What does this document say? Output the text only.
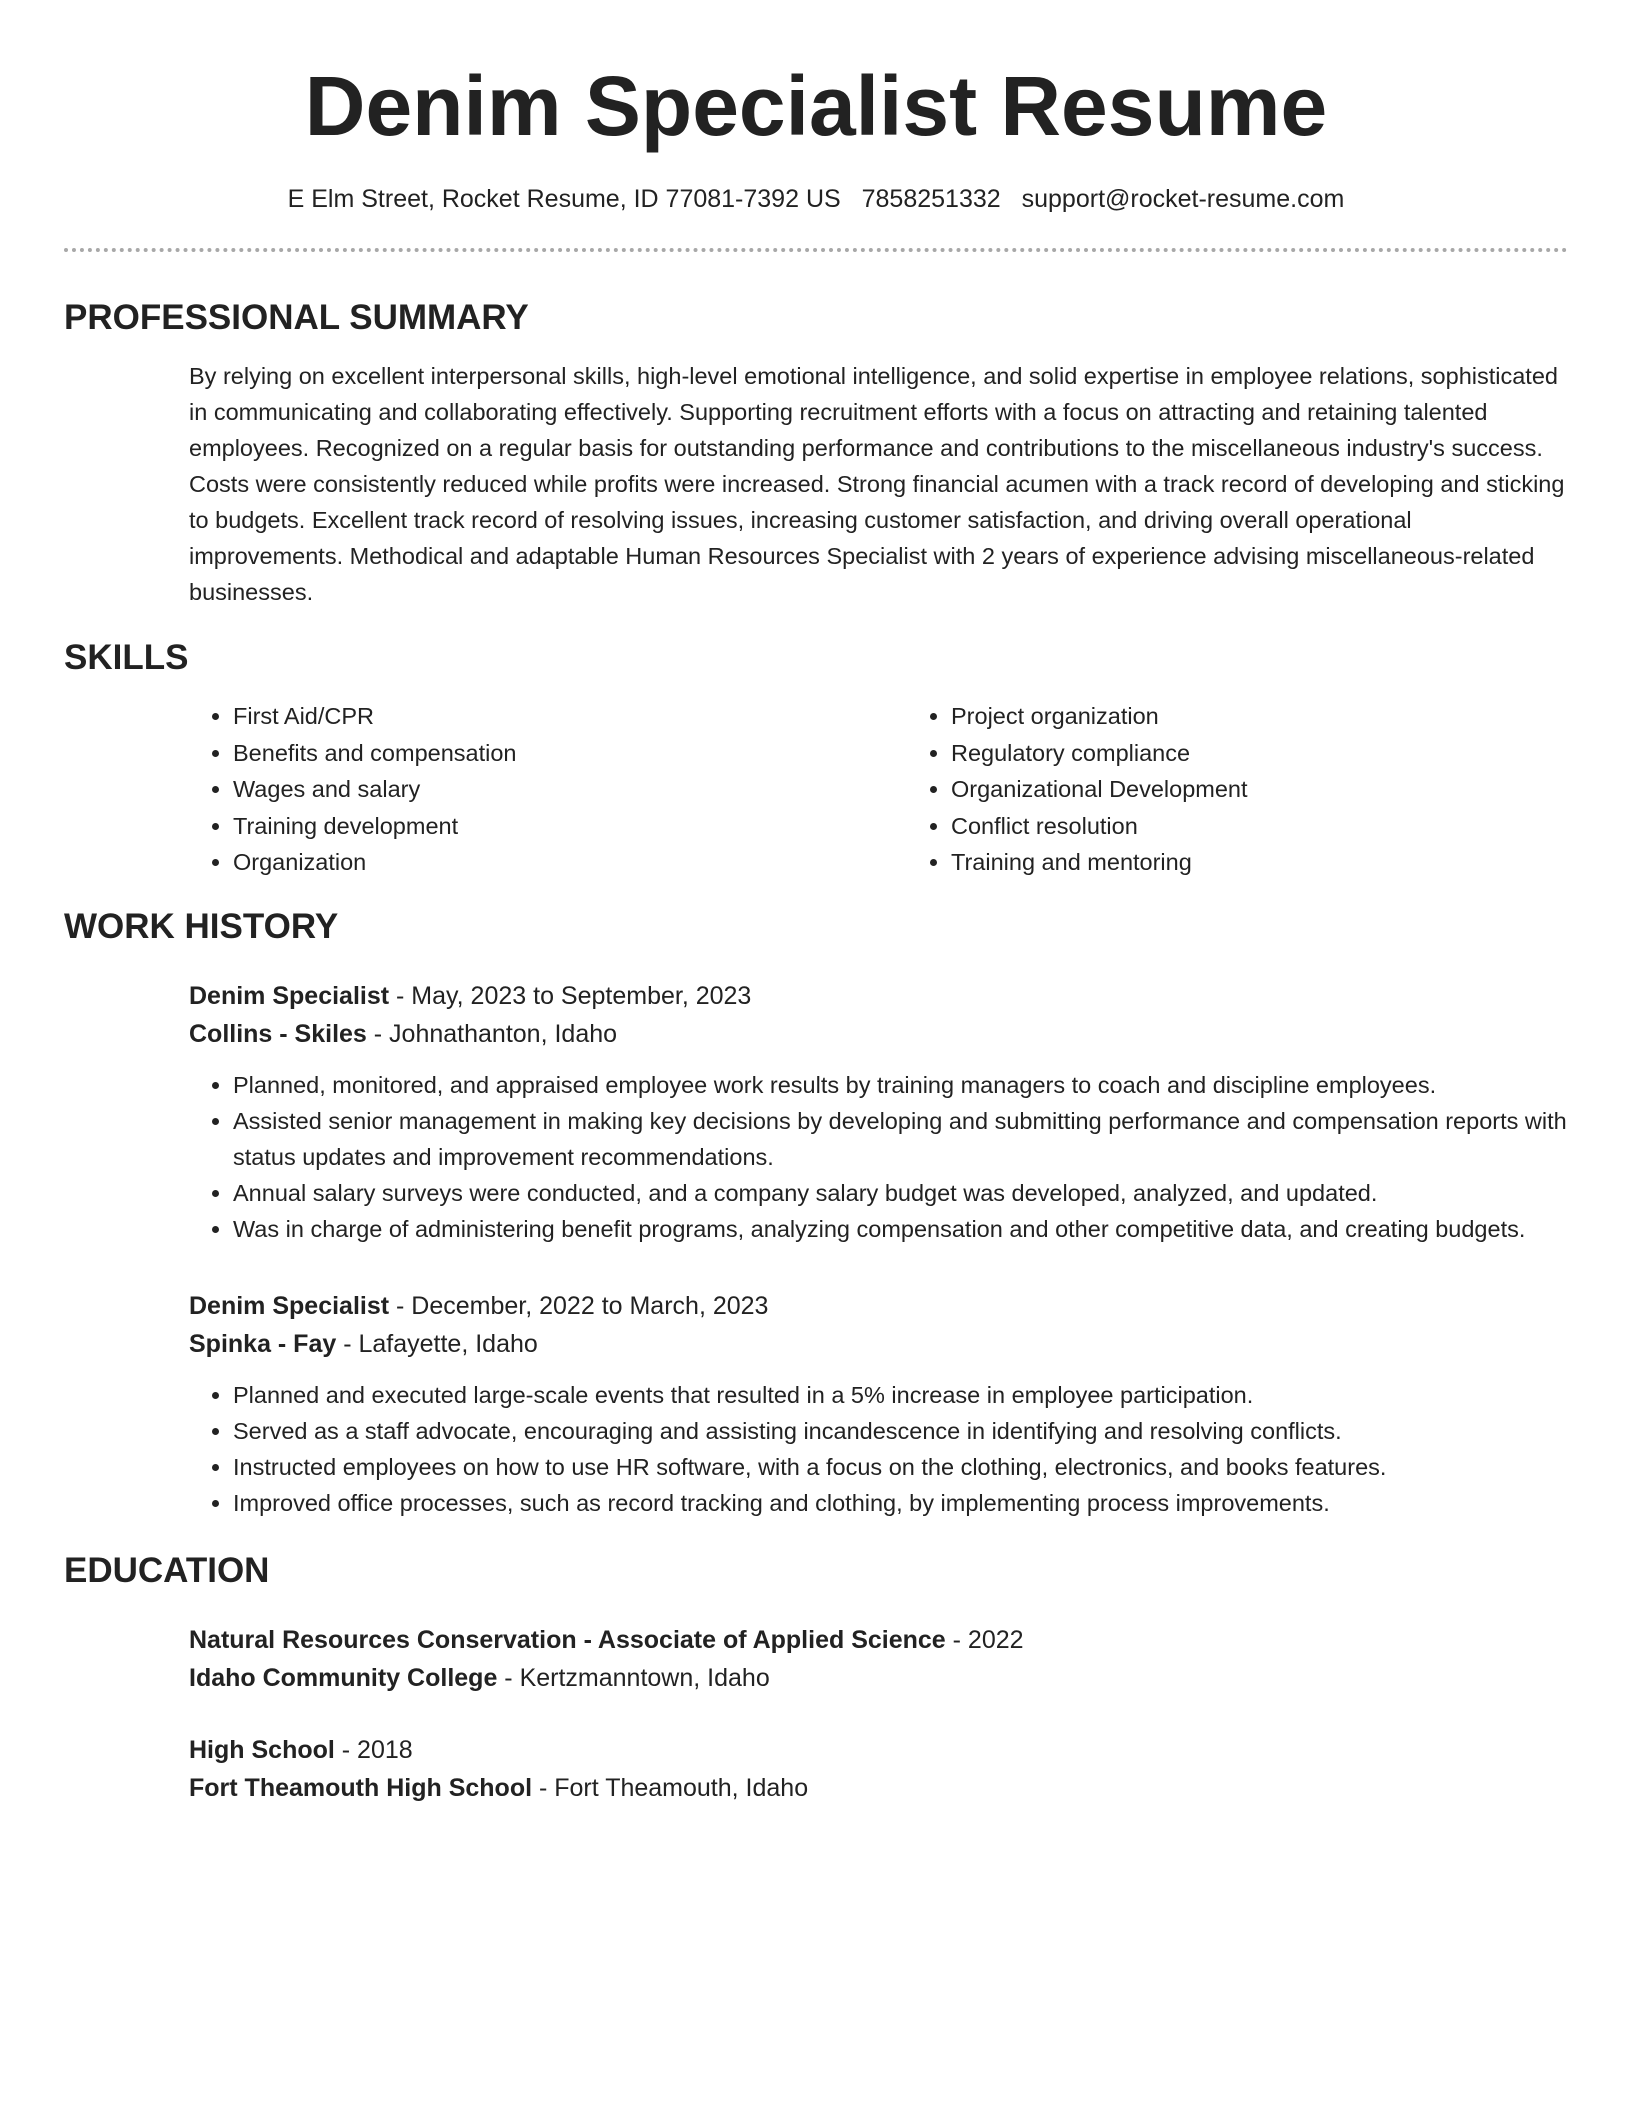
Denim Specialist Resume
E Elm Street, Rocket Resume, ID 77081-7392 US 7858251332 support@rocket-resume.com
PROFESSIONAL SUMMARY

By relying on excellent interpersonal skills, high-level emotional intelligence, and solid expertise in employee relations, sophisticated in communicating and collaborating effectively. Supporting recruitment efforts with a focus on attracting and retaining talented employees. Recognized on a regular basis for outstanding performance and contributions to the miscellaneous industry's success. Costs were consistently reduced while profits were increased. Strong financial acumen with a track record of developing and sticking to budgets. Excellent track record of resolving issues, increasing customer satisfaction, and driving overall operational improvements. Methodical and adaptable Human Resources Specialist with 2 years of experience advising miscellaneous-related businesses.

SKILLS
• First Aid/CPR
• Benefits and compensation
• Wages and salary
• Training development
• Organization
• Project organization
• Regulatory compliance
• Organizational Development
• Conflict resolution
• Training and mentoring
WORK HISTORY
Denim Specialist - May, 2023 to September, 2023
Collins - Skiles - Johnathanton, Idaho
• Planned, monitored, and appraised employee work results by training managers to coach and discipline employees.
• Assisted senior management in making key decisions by developing and submitting performance and compensation reports with status updates and improvement recommendations.
• Annual salary surveys were conducted, and a company salary budget was developed, analyzed, and updated.
• Was in charge of administering benefit programs, analyzing compensation and other competitive data, and creating budgets.
Denim Specialist - December, 2022 to March, 2023
Spinka - Fay - Lafayette, Idaho
• Planned and executed large-scale events that resulted in a 5% increase in employee participation.
• Served as a staff advocate, encouraging and assisting incandescence in identifying and resolving conflicts.
• Instructed employees on how to use HR software, with a focus on the clothing, electronics, and books features.
• Improved office processes, such as record tracking and clothing, by implementing process improvements.
EDUCATION
Natural Resources Conservation - Associate of Applied Science - 2022
Idaho Community College - Kertzmanntown, Idaho
High School - 2018
Fort Theamouth High School - Fort Theamouth, Idaho
